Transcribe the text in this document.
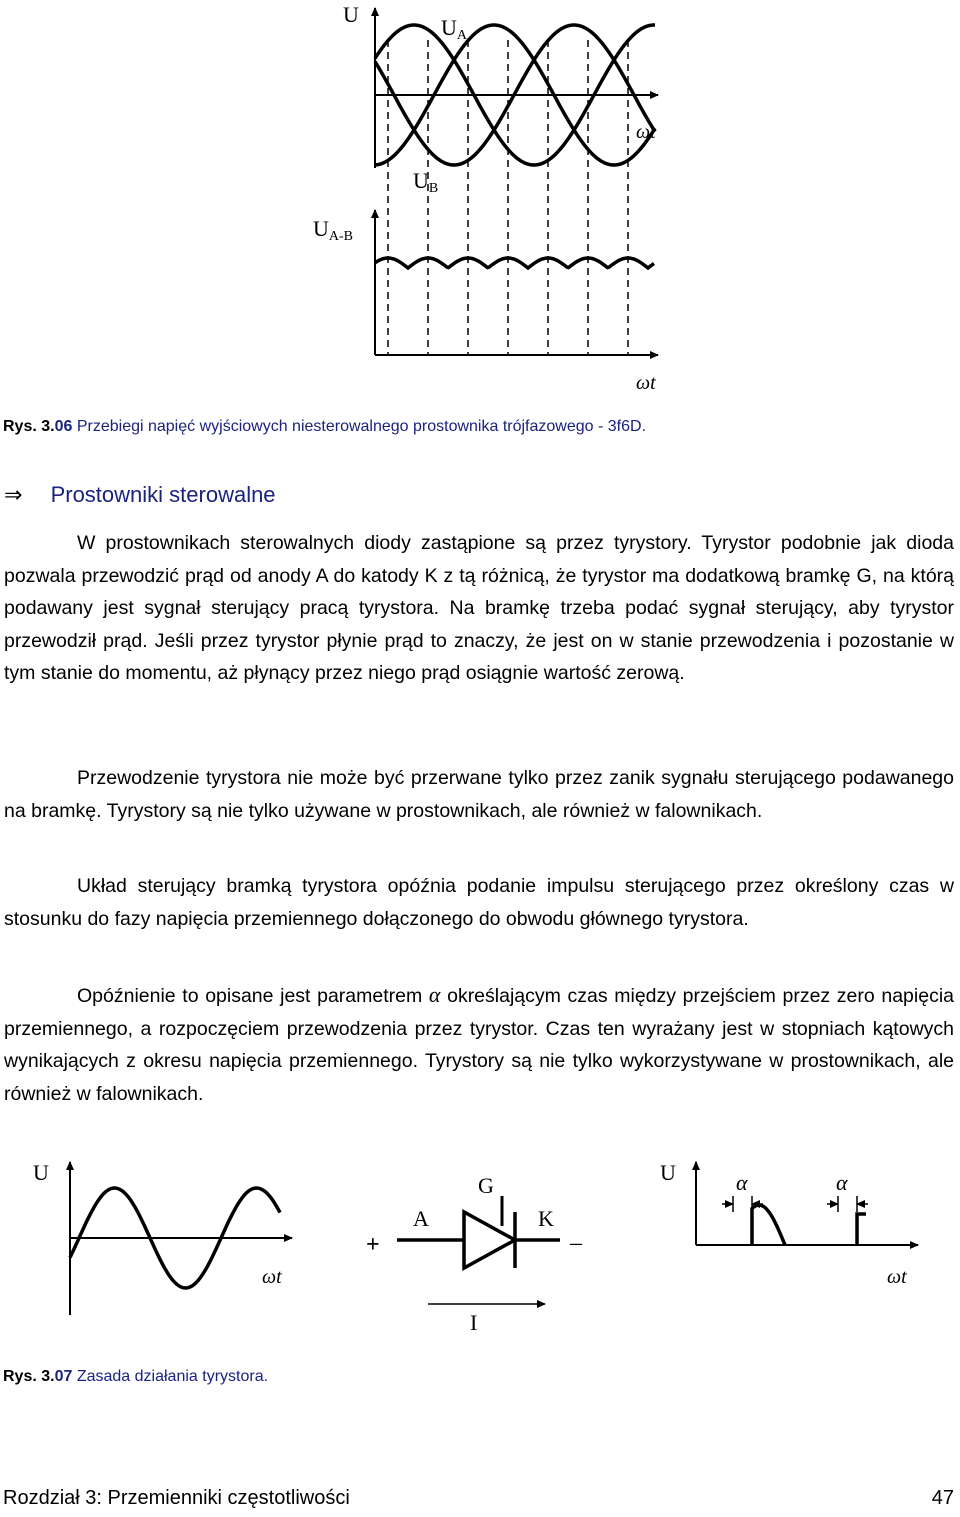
U
UA
UB
UA-B
ωt
ωt
Rys. 3.06 Przebiegi napięć wyjściowych niesterowalnego prostownika trójfazowego - 3f6D.
⇒ Prostowniki sterowalne

W prostownikach sterowalnych diody zastąpione są przez tyrystory. Tyrystor podobnie jak dioda pozwala przewodzić prąd od anody A do katody K z tą różnicą, że tyrystor ma dodatkową bramkę G, na którą podawany jest sygnał sterujący pracą tyrystora. Na bramkę trzeba podać sygnał sterujący, aby tyrystor przewodził prąd. Jeśli przez tyrystor płynie prąd to znaczy, że jest on w stanie przewodzenia i pozostanie w tym stanie do momentu, aż płynący przez niego prąd osiągnie wartość zerową.

Przewodzenie tyrystora nie może być przerwane tylko przez zanik sygnału sterującego podawanego na bramkę. Tyrystory są nie tylko używane w prostownikach, ale również w falownikach.

Układ sterujący bramką tyrystora opóźnia podanie impulsu sterującego przez określony czas w stosunku do fazy napięcia przemiennego dołączonego do obwodu głównego tyrystora.

Opóźnienie to opisane jest parametrem α określającym czas między przejściem przez zero napięcia przemiennego, a rozpoczęciem przewodzenia przez tyrystor. Czas ten wyrażany jest w stopniach kątowych wynikających z okresu napięcia przemiennego. Tyrystory są nie tylko wykorzystywane w prostownikach, ale również w falownikach.

U
ωt
G
A	K
+	–
I
U
ωt
α	α
Rys. 3.07 Zasada działania tyrystora.
Rozdział 3: Przemienniki częstotliwości	47
